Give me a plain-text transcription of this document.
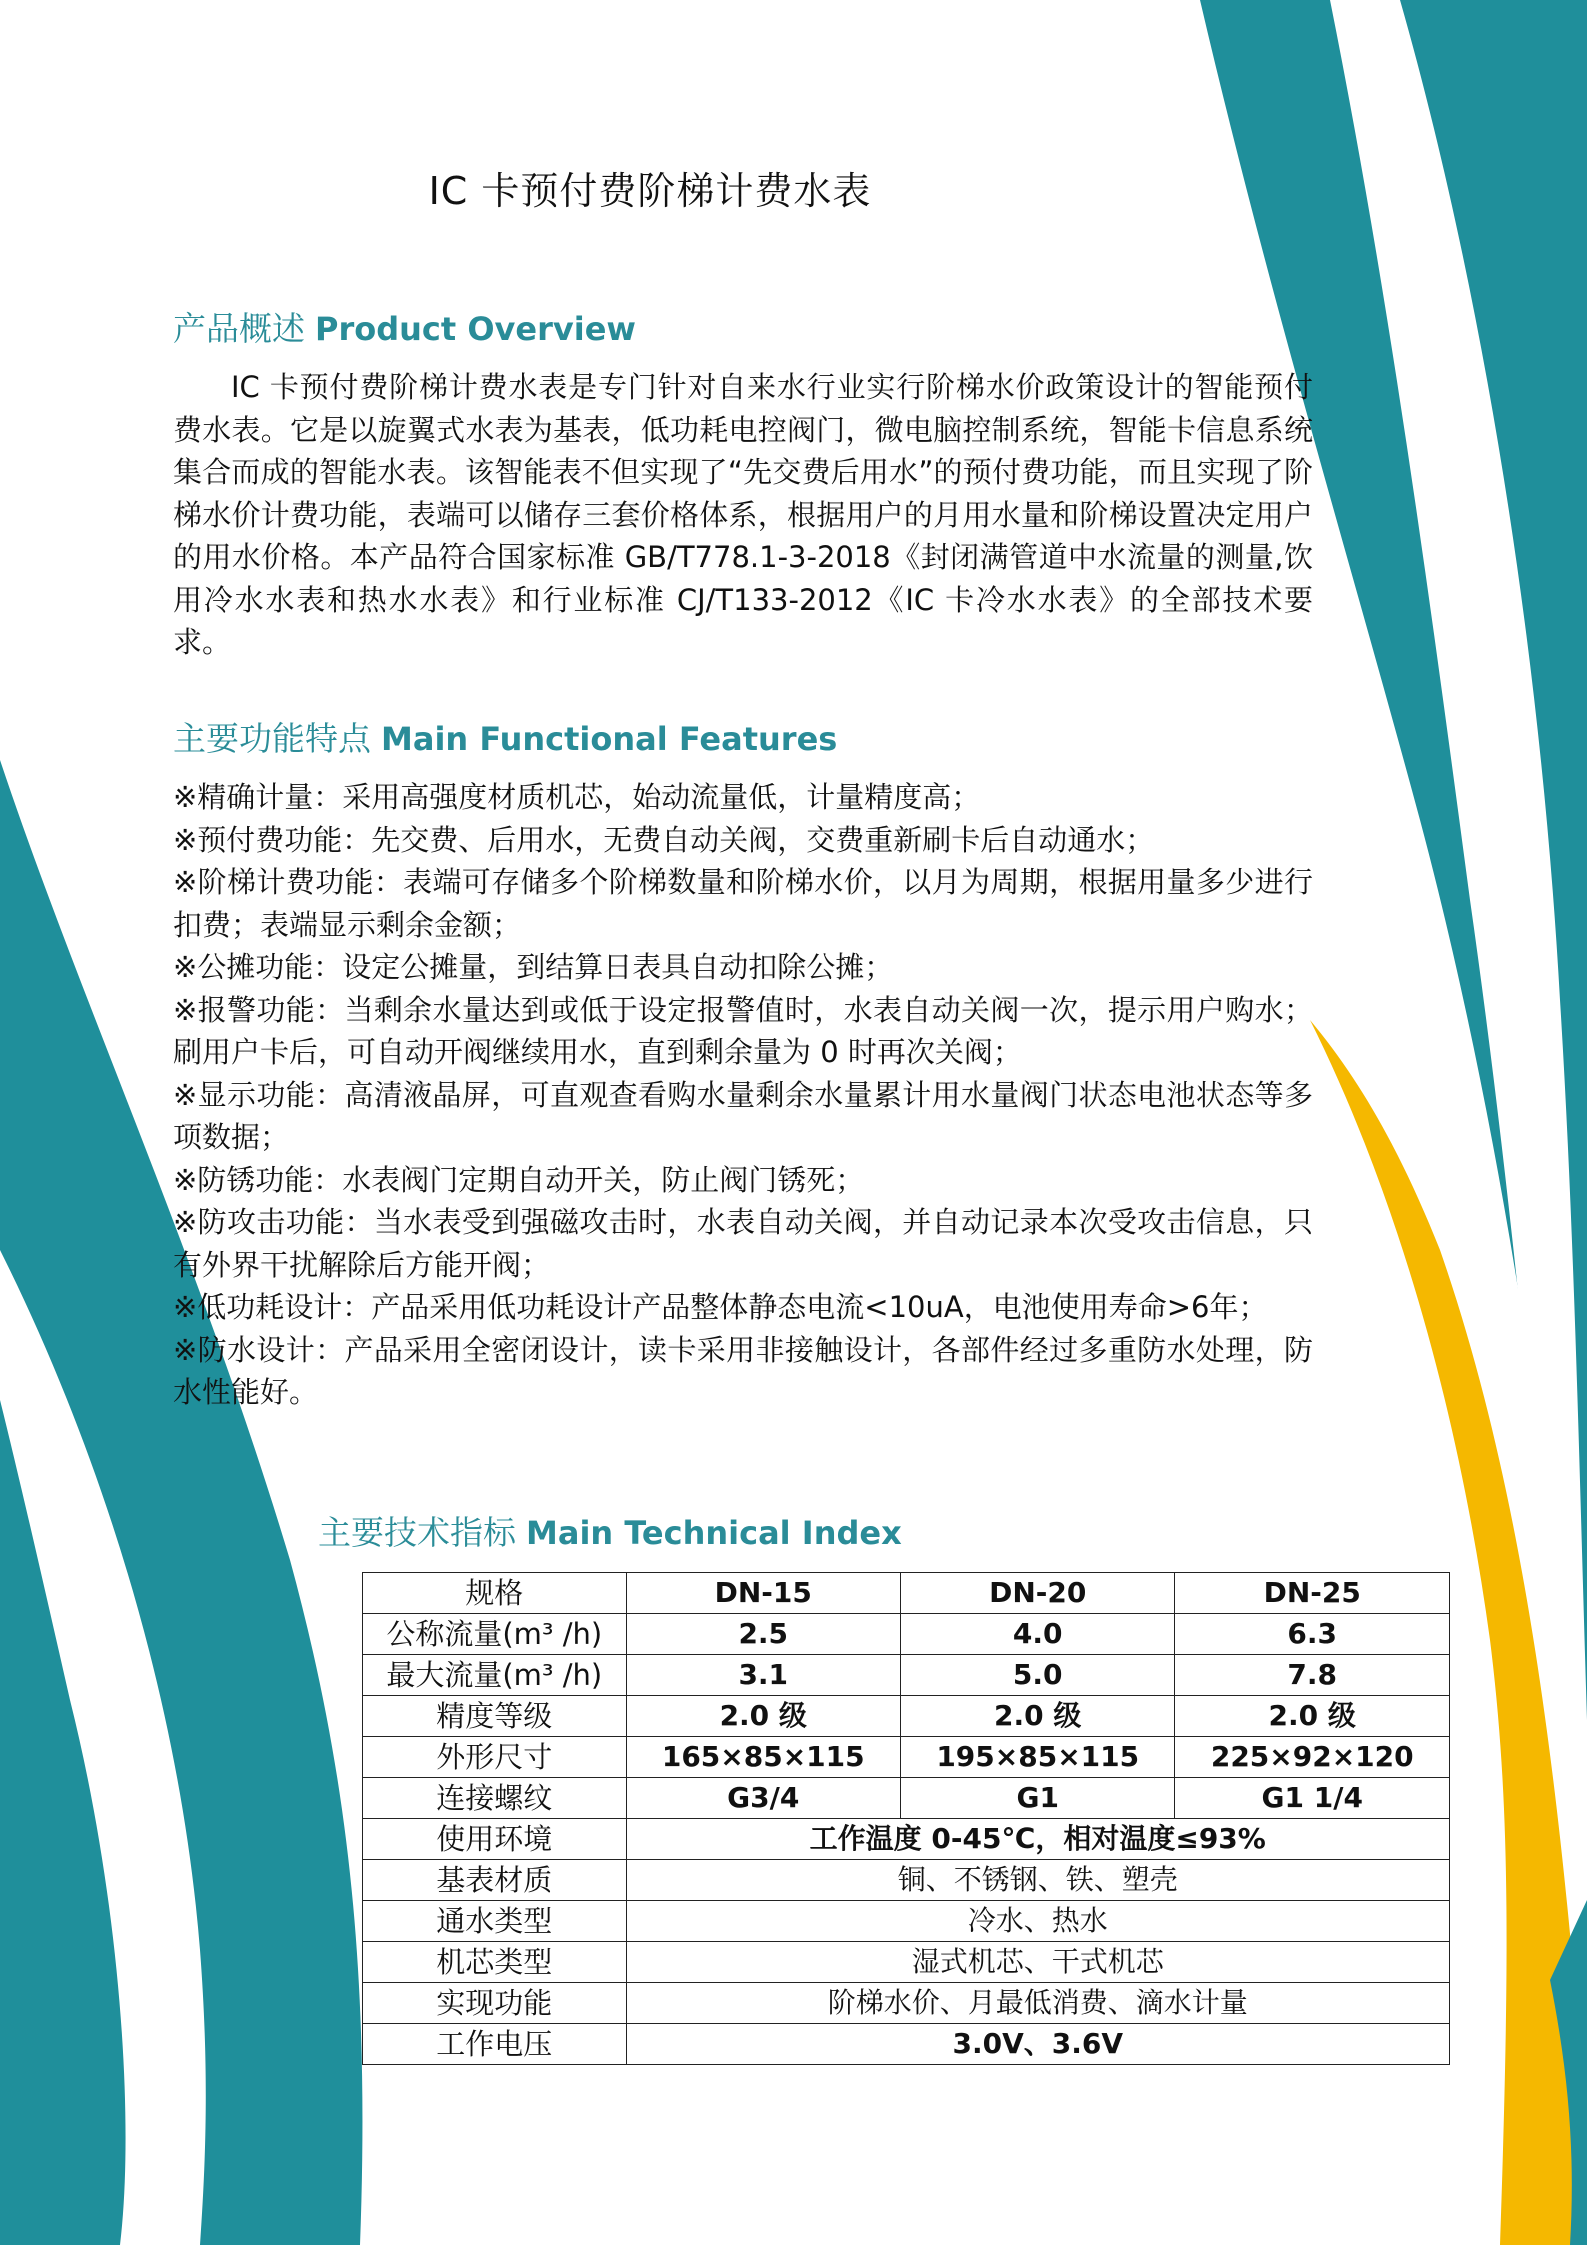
IC 卡预付费阶梯计费水表
产品概述 Product Overview
IC 卡预付费阶梯计费水表是专门针对自来水行业实行阶梯水价政策设计的智能预付费水表。它是以旋翼式水表为基表，低功耗电控阀门，微电脑控制系统，智能卡信息系统集合而成的智能水表。该智能表不但实现了“先交费后用水”的预付费功能，而且实现了阶梯水价计费功能，表端可以储存三套价格体系，根据用户的月用水量和阶梯设置决定用户的用水价格。本产品符合国家标准 GB/T778.1-3-2018《封闭满管道中水流量的测量,饮用冷水水表和热水水表》和行业标准 CJ/T133-2012《IC 卡冷水水表》的全部技术要求。
主要功能特点 Main Functional Features

※精确计量：采用高强度材质机芯，始动流量低，计量精度高；

※预付费功能：先交费、后用水，无费自动关阀，交费重新刷卡后自动通水；

※阶梯计费功能：表端可存储多个阶梯数量和阶梯水价，以月为周期，根据用量多少进行扣费；表端显示剩余金额；

※公摊功能：设定公摊量，到结算日表具自动扣除公摊；

※报警功能：当剩余水量达到或低于设定报警值时，水表自动关阀一次，提示用户购水；刷用户卡后，可自动开阀继续用水，直到剩余量为 0 时再次关阀；

※显示功能：高清液晶屏，可直观查看购水量剩余水量累计用水量阀门状态电池状态等多项数据；

※防锈功能：水表阀门定期自动开关，防止阀门锈死；

※防攻击功能：当水表受到强磁攻击时，水表自动关阀，并自动记录本次受攻击信息，只有外界干扰解除后方能开阀；

※低功耗设计：产品采用低功耗设计产品整体静态电流<10uA，电池使用寿命>6年；

※防水设计：产品采用全密闭设计，读卡采用非接触设计，各部件经过多重防水处理，防水性能好。

主要技术指标 Main Technical Index
规格	DN-15	DN-20	DN-25
公称流量(m³ /h)	2.5	4.0	6.3
最大流量(m³ /h)	3.1	5.0	7.8
精度等级	2.0 级	2.0 级	2.0 级
外形尺寸	165×85×115	195×85×115	225×92×120
连接螺纹	G3/4	G1	G1 1/4
使用环境	工作温度 0-45℃，相对温度≤93%		
基表材质	铜、不锈钢、铁、塑壳		
通水类型	冷水、热水		
机芯类型	湿式机芯、干式机芯		
实现功能	阶梯水价、月最低消费、滴水计量		
工作电压	3.0V、3.6V		
